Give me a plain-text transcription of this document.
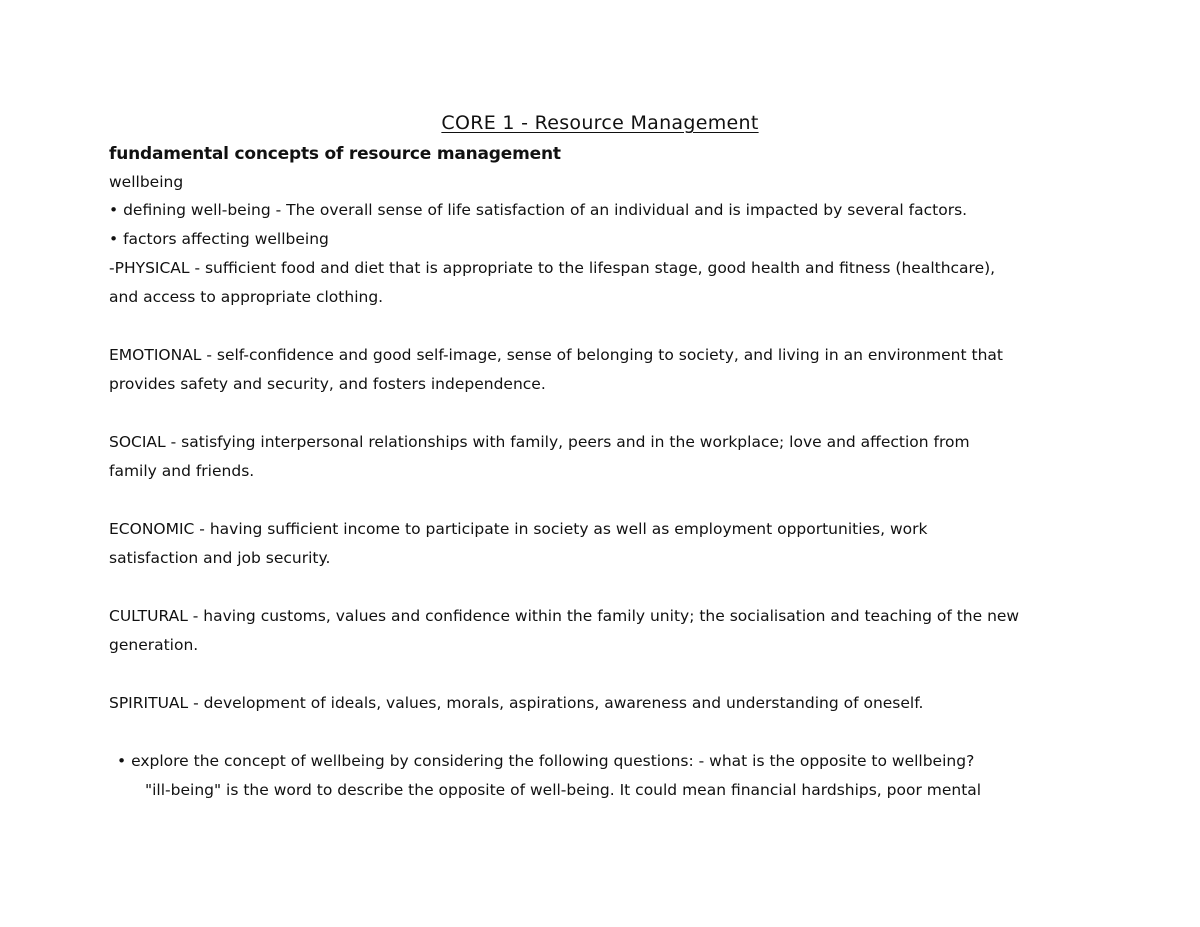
CORE 1 - Resource Management
fundamental concepts of resource management

wellbeing

• defining well-being - The overall sense of life satisfaction of an individual and is impacted by several factors.

• factors affecting wellbeing

-PHYSICAL - sufficient food and diet that is appropriate to the lifespan stage, good health and fitness (healthcare),

and access to appropriate clothing.

EMOTIONAL - self-confidence and good self-image, sense of belonging to society, and living in an environment that

provides safety and security, and fosters independence.

SOCIAL - satisfying interpersonal relationships with family, peers and in the workplace; love and affection from

family and friends.

ECONOMIC - having sufficient income to participate in society as well as employment opportunities, work

satisfaction and job security.

CULTURAL - having customs, values and confidence within the family unity; the socialisation and teaching of the new

generation.

SPIRITUAL - development of ideals, values, morals, aspirations, awareness and understanding of oneself.

• explore the concept of wellbeing by considering the following questions: - what is the opposite to wellbeing?

"ill-being" is the word to describe the opposite of well-being. It could mean financial hardships, poor mental
